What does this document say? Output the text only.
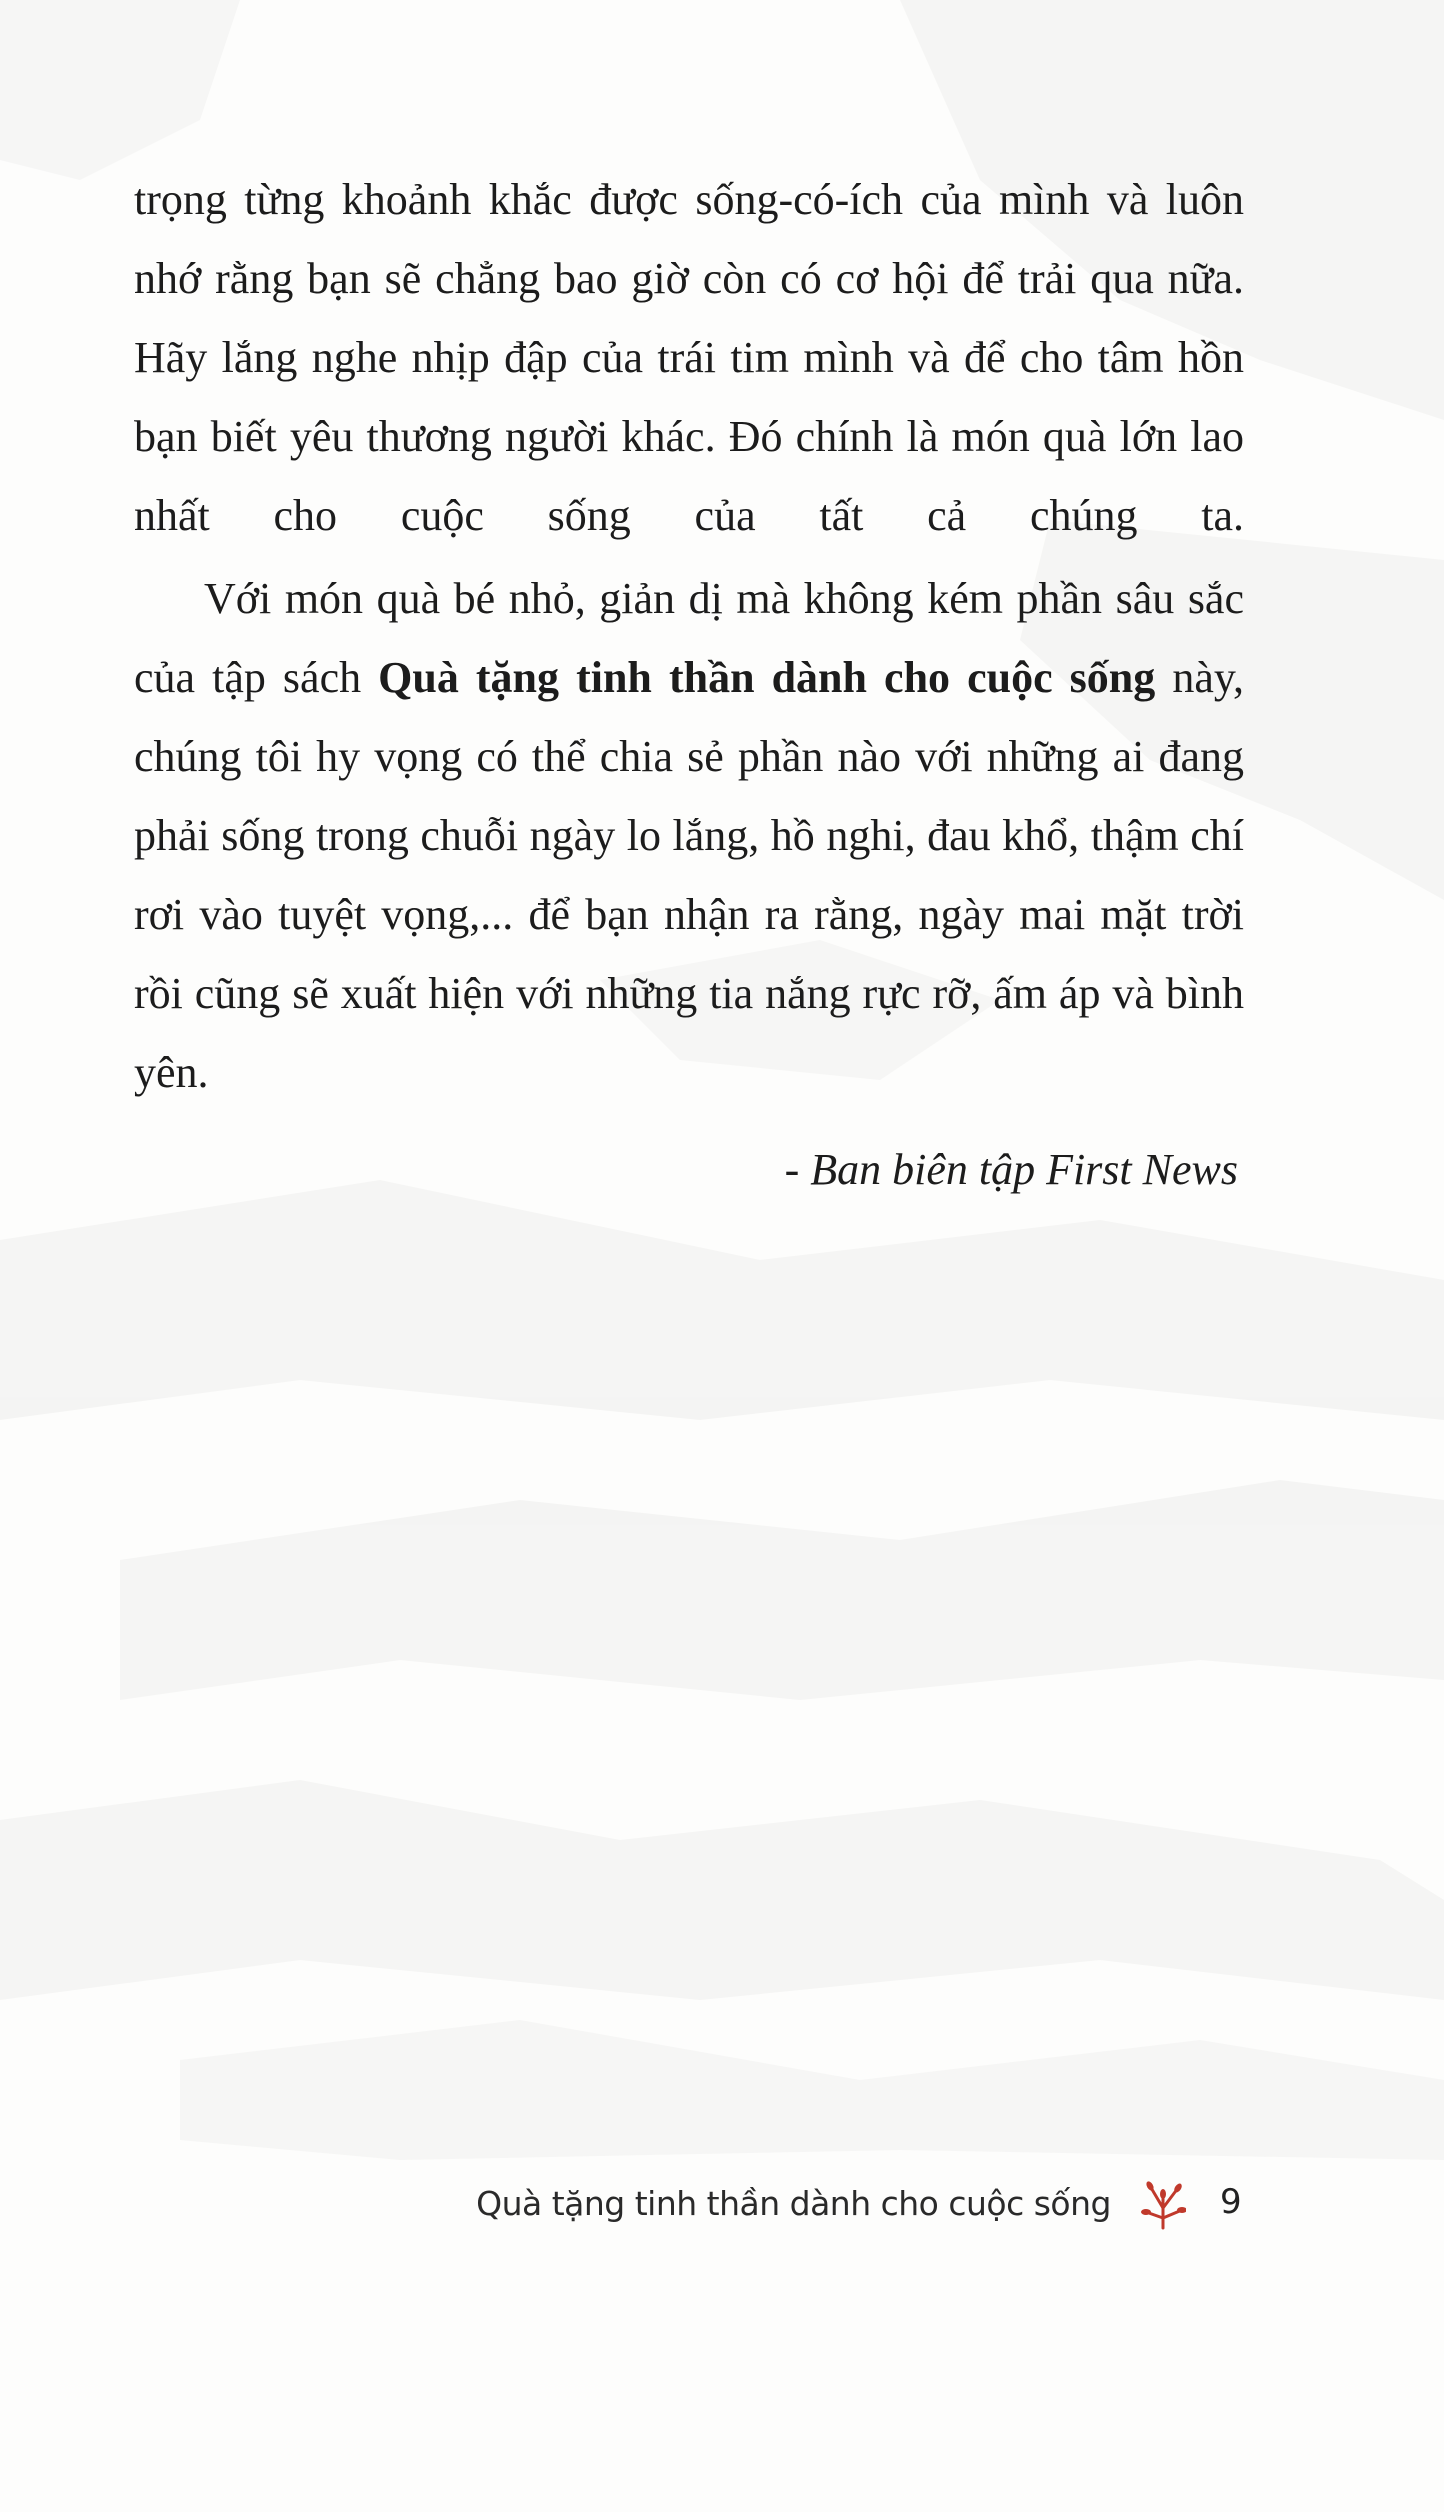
trọng từng khoảnh khắc được sống-có-ích của mình và luôn nhớ rằng bạn sẽ chẳng bao giờ còn có cơ hội để trải qua nữa. Hãy lắng nghe nhịp đập của trái tim mình và để cho tâm hồn bạn biết yêu thương người khác. Đó chính là món quà lớn lao nhất cho cuộc sống của tất cả chúng ta.

Với món quà bé nhỏ, giản dị mà không kém phần sâu sắc của tập sách Quà tặng tinh thần dành cho cuộc sống này, chúng tôi hy vọng có thể chia sẻ phần nào với những ai đang phải sống trong chuỗi ngày lo lắng, hồ nghi, đau khổ, thậm chí rơi vào tuyệt vọng,... để bạn nhận ra rằng, ngày mai mặt trời rồi cũng sẽ xuất hiện với những tia nắng rực rỡ, ấm áp và bình yên.

- Ban biên tập First News
Quà tặng tinh thần dành cho cuộc sống	9
